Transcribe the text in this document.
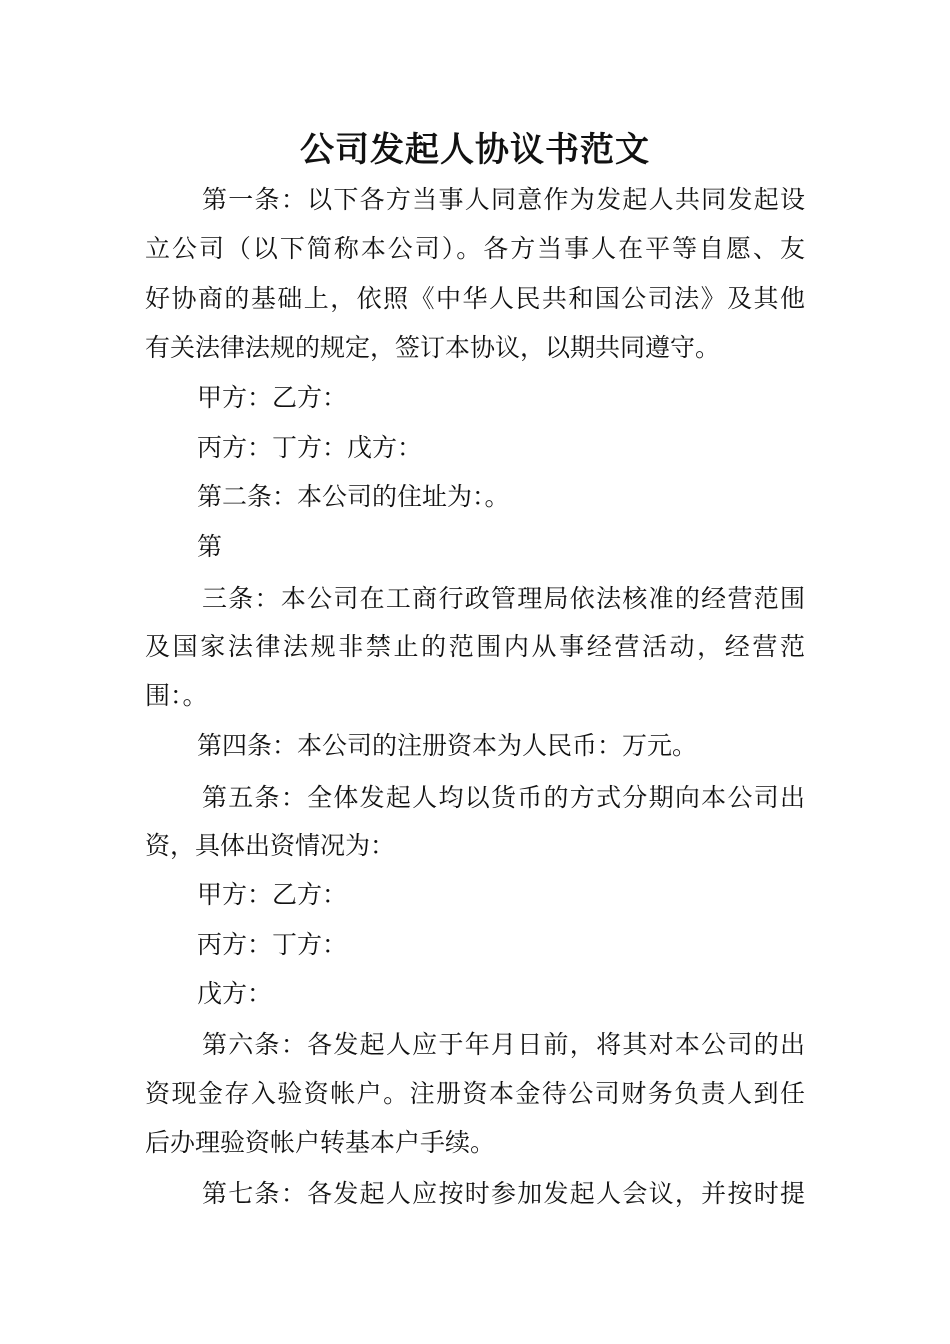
公司发起人协议书范文
第一条：以下各方当事人同意作为发起人共同发起设
立公司（以下简称本公司）。各方当事人在平等自愿、友
好协商的基础上，依照《中华人民共和国公司法》及其他
有关法律法规的规定，签订本协议，以期共同遵守。
甲方：乙方：
丙方：丁方：戊方：
第二条：本公司的住址为：。
第
三条：本公司在工商行政管理局依法核准的经营范围
及国家法律法规非禁止的范围内从事经营活动，经营范
围：。
第四条：本公司的注册资本为人民币：万元。
第五条：全体发起人均以货币的方式分期向本公司出
资，具体出资情况为：
甲方：乙方：
丙方：丁方：
戊方：
第六条：各发起人应于年月日前，将其对本公司的出
资现金存入验资帐户。注册资本金待公司财务负责人到任
后办理验资帐户转基本户手续。
第七条：各发起人应按时参加发起人会议，并按时提
